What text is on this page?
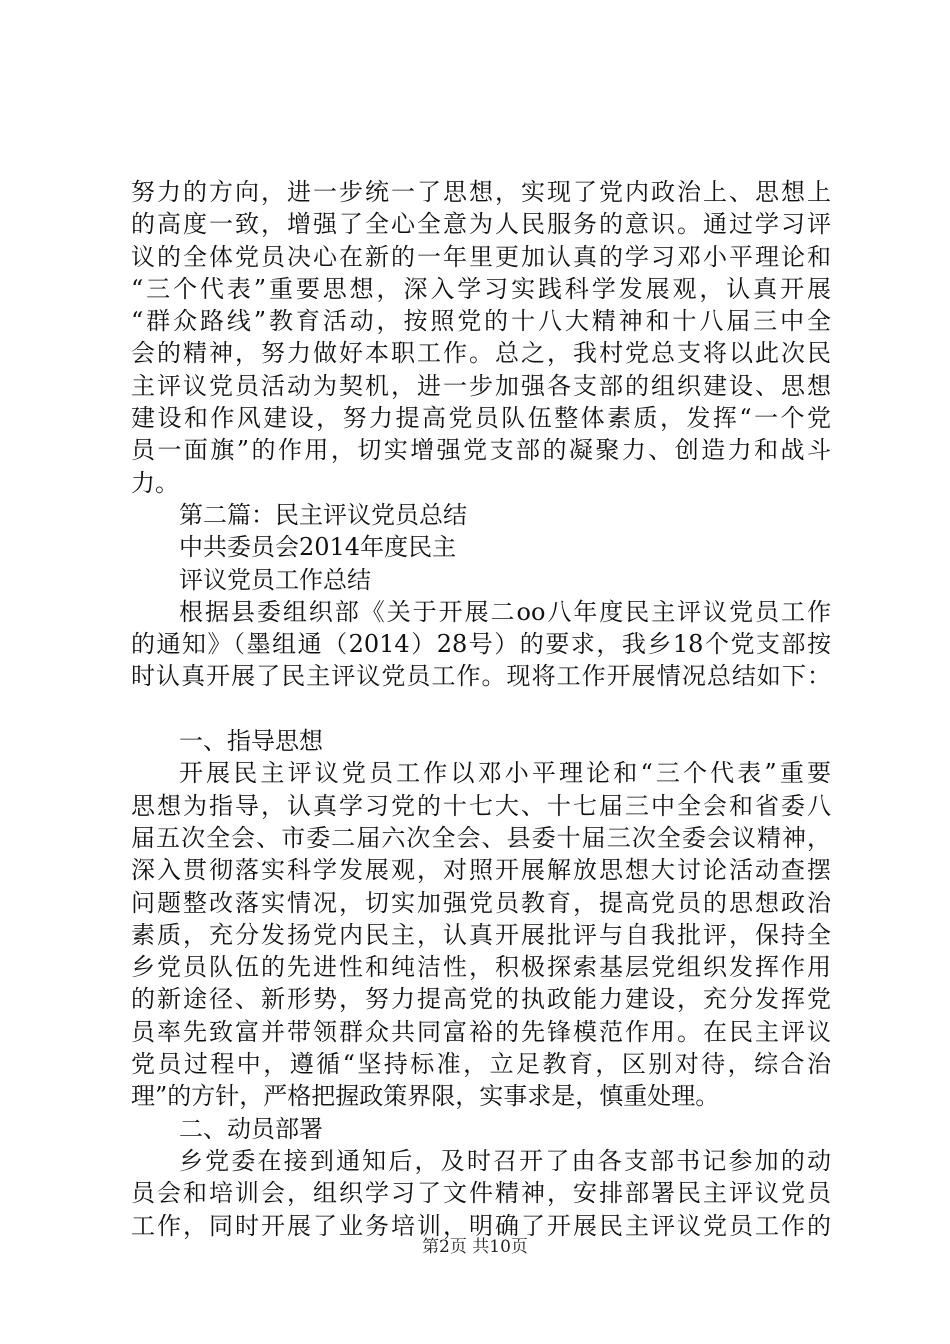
努力的方向，进一步统一了思想，实现了党内政治上、思想上
的高度一致，增强了全心全意为人民服务的意识。通过学习评
议的全体党员决心在新的一年里更加认真的学习邓小平理论和
“三个代表”重要思想，深入学习实践科学发展观，认真开展
“群众路线”教育活动，按照党的十八大精神和十八届三中全
会的精神，努力做好本职工作。总之，我村党总支将以此次民
主评议党员活动为契机，进一步加强各支部的组织建设、思想
建设和作风建设，努力提高党员队伍整体素质，发挥“一个党
员一面旗”的作用，切实增强党支部的凝聚力、创造力和战斗
力。
第二篇：民主评议党员总结
中共委员会2014年度民主
评议党员工作总结
根据县委组织部《关于开展二oo八年度民主评议党员工作
的通知》（墨组通（2014）28号）的要求，我乡18个党支部按
时认真开展了民主评议党员工作。现将工作开展情况总结如下：
一、指导思想
开展民主评议党员工作以邓小平理论和“三个代表”重要
思想为指导，认真学习党的十七大、十七届三中全会和省委八
届五次全会、市委二届六次全会、县委十届三次全委会议精神，
深入贯彻落实科学发展观，对照开展解放思想大讨论活动查摆
问题整改落实情况，切实加强党员教育，提高党员的思想政治
素质，充分发扬党内民主，认真开展批评与自我批评，保持全
乡党员队伍的先进性和纯洁性，积极探索基层党组织发挥作用
的新途径、新形势，努力提高党的执政能力建设，充分发挥党
员率先致富并带领群众共同富裕的先锋模范作用。在民主评议
党员过程中，遵循“坚持标准，立足教育，区别对待，综合治
理”的方针，严格把握政策界限，实事求是，慎重处理。
二、动员部署
乡党委在接到通知后，及时召开了由各支部书记参加的动
员会和培训会，组织学习了文件精神，安排部署民主评议党员
工作，同时开展了业务培训，明确了开展民主评议党员工作的
第2页 共10页
